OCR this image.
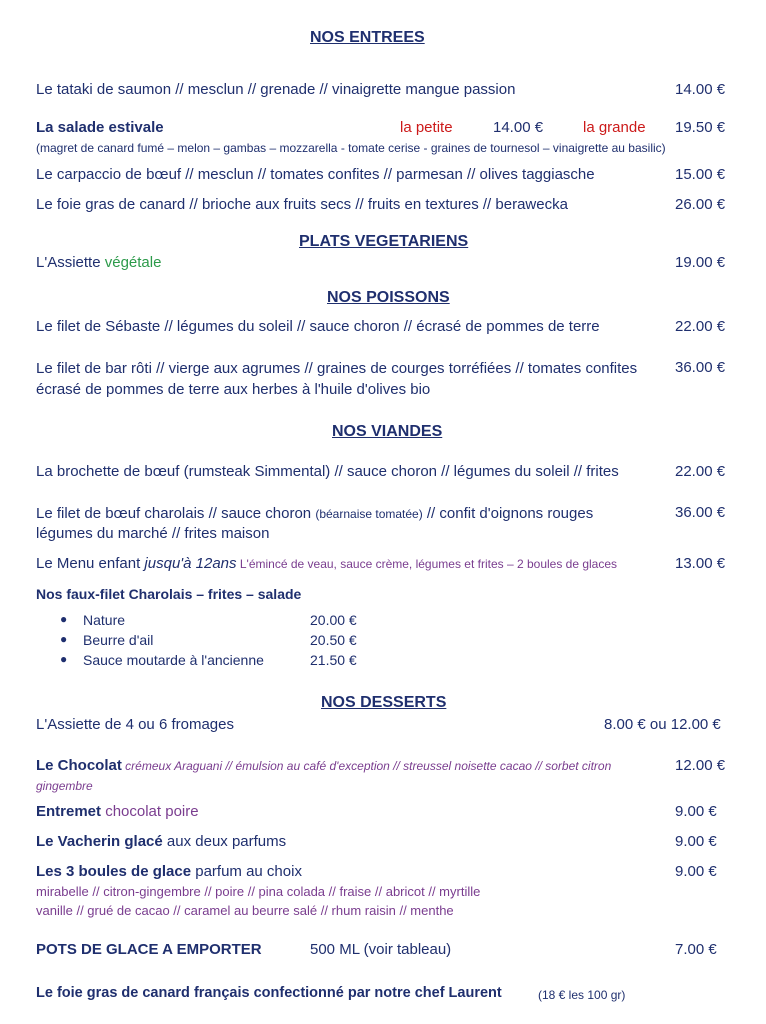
NOS ENTREES
Le tataki de saumon // mesclun // grenade // vinaigrette mangue passion	14.00 €
La salade estivale	la petite	14.00 €	la grande 19.50 €
(magret de canard fumé – melon – gambas – mozzarella - tomate cerise - graines de tournesol – vinaigrette au basilic)
Le carpaccio de bœuf // mesclun // tomates confites // parmesan // olives taggiasche	15.00 €
Le foie gras de canard // brioche aux fruits secs // fruits en textures // berawecka	26.00 €
PLATS VEGETARIENS
L'Assiette végétale	19.00 €
NOS POISSONS
Le filet de Sébaste // légumes du soleil // sauce choron // écrasé de pommes de terre	22.00 €
Le filet de bar rôti // vierge aux agrumes // graines de courges torréfiées // tomates confites	36.00 €
écrasé de pommes de terre aux herbes à l'huile d'olives bio
NOS VIANDES
La brochette de bœuf (rumsteak Simmental) // sauce choron // légumes du soleil // frites	22.00 €
Le filet de bœuf charolais // sauce choron (béarnaise tomatée) // confit d'oignons rouges	36.00 €
légumes du marché // frites maison
Le Menu enfant jusqu'à 12ans L'émincé de veau, sauce crème, légumes et frites – 2 boules de glaces	13.00 €
Nos faux-filet Charolais – frites – salade
● Nature	20.00 €
● Beurre d'ail	20.50 €
● Sauce moutarde à l'ancienne	21.50 €
NOS DESSERTS
L'Assiette de 4 ou 6 fromages	8.00 € ou 12.00 €
Le Chocolat crémeux Araguani // émulsion au café d'exception // streussel noisette cacao // sorbet citron	12.00 €
gingembre
Entremet chocolat poire	9.00 €
Le Vacherin glacé aux deux parfums	9.00 €
Les 3 boules de glace parfum au choix	9.00 €
mirabelle // citron-gingembre // poire // pina colada // fraise // abricot // myrtille
vanille // grué de cacao // caramel au beurre salé // rhum raisin // menthe
POTS DE GLACE A EMPORTER	500 ML (voir tableau)	7.00 €
Le foie gras de canard français confectionné par notre chef Laurent	(18 € les 100 gr)
